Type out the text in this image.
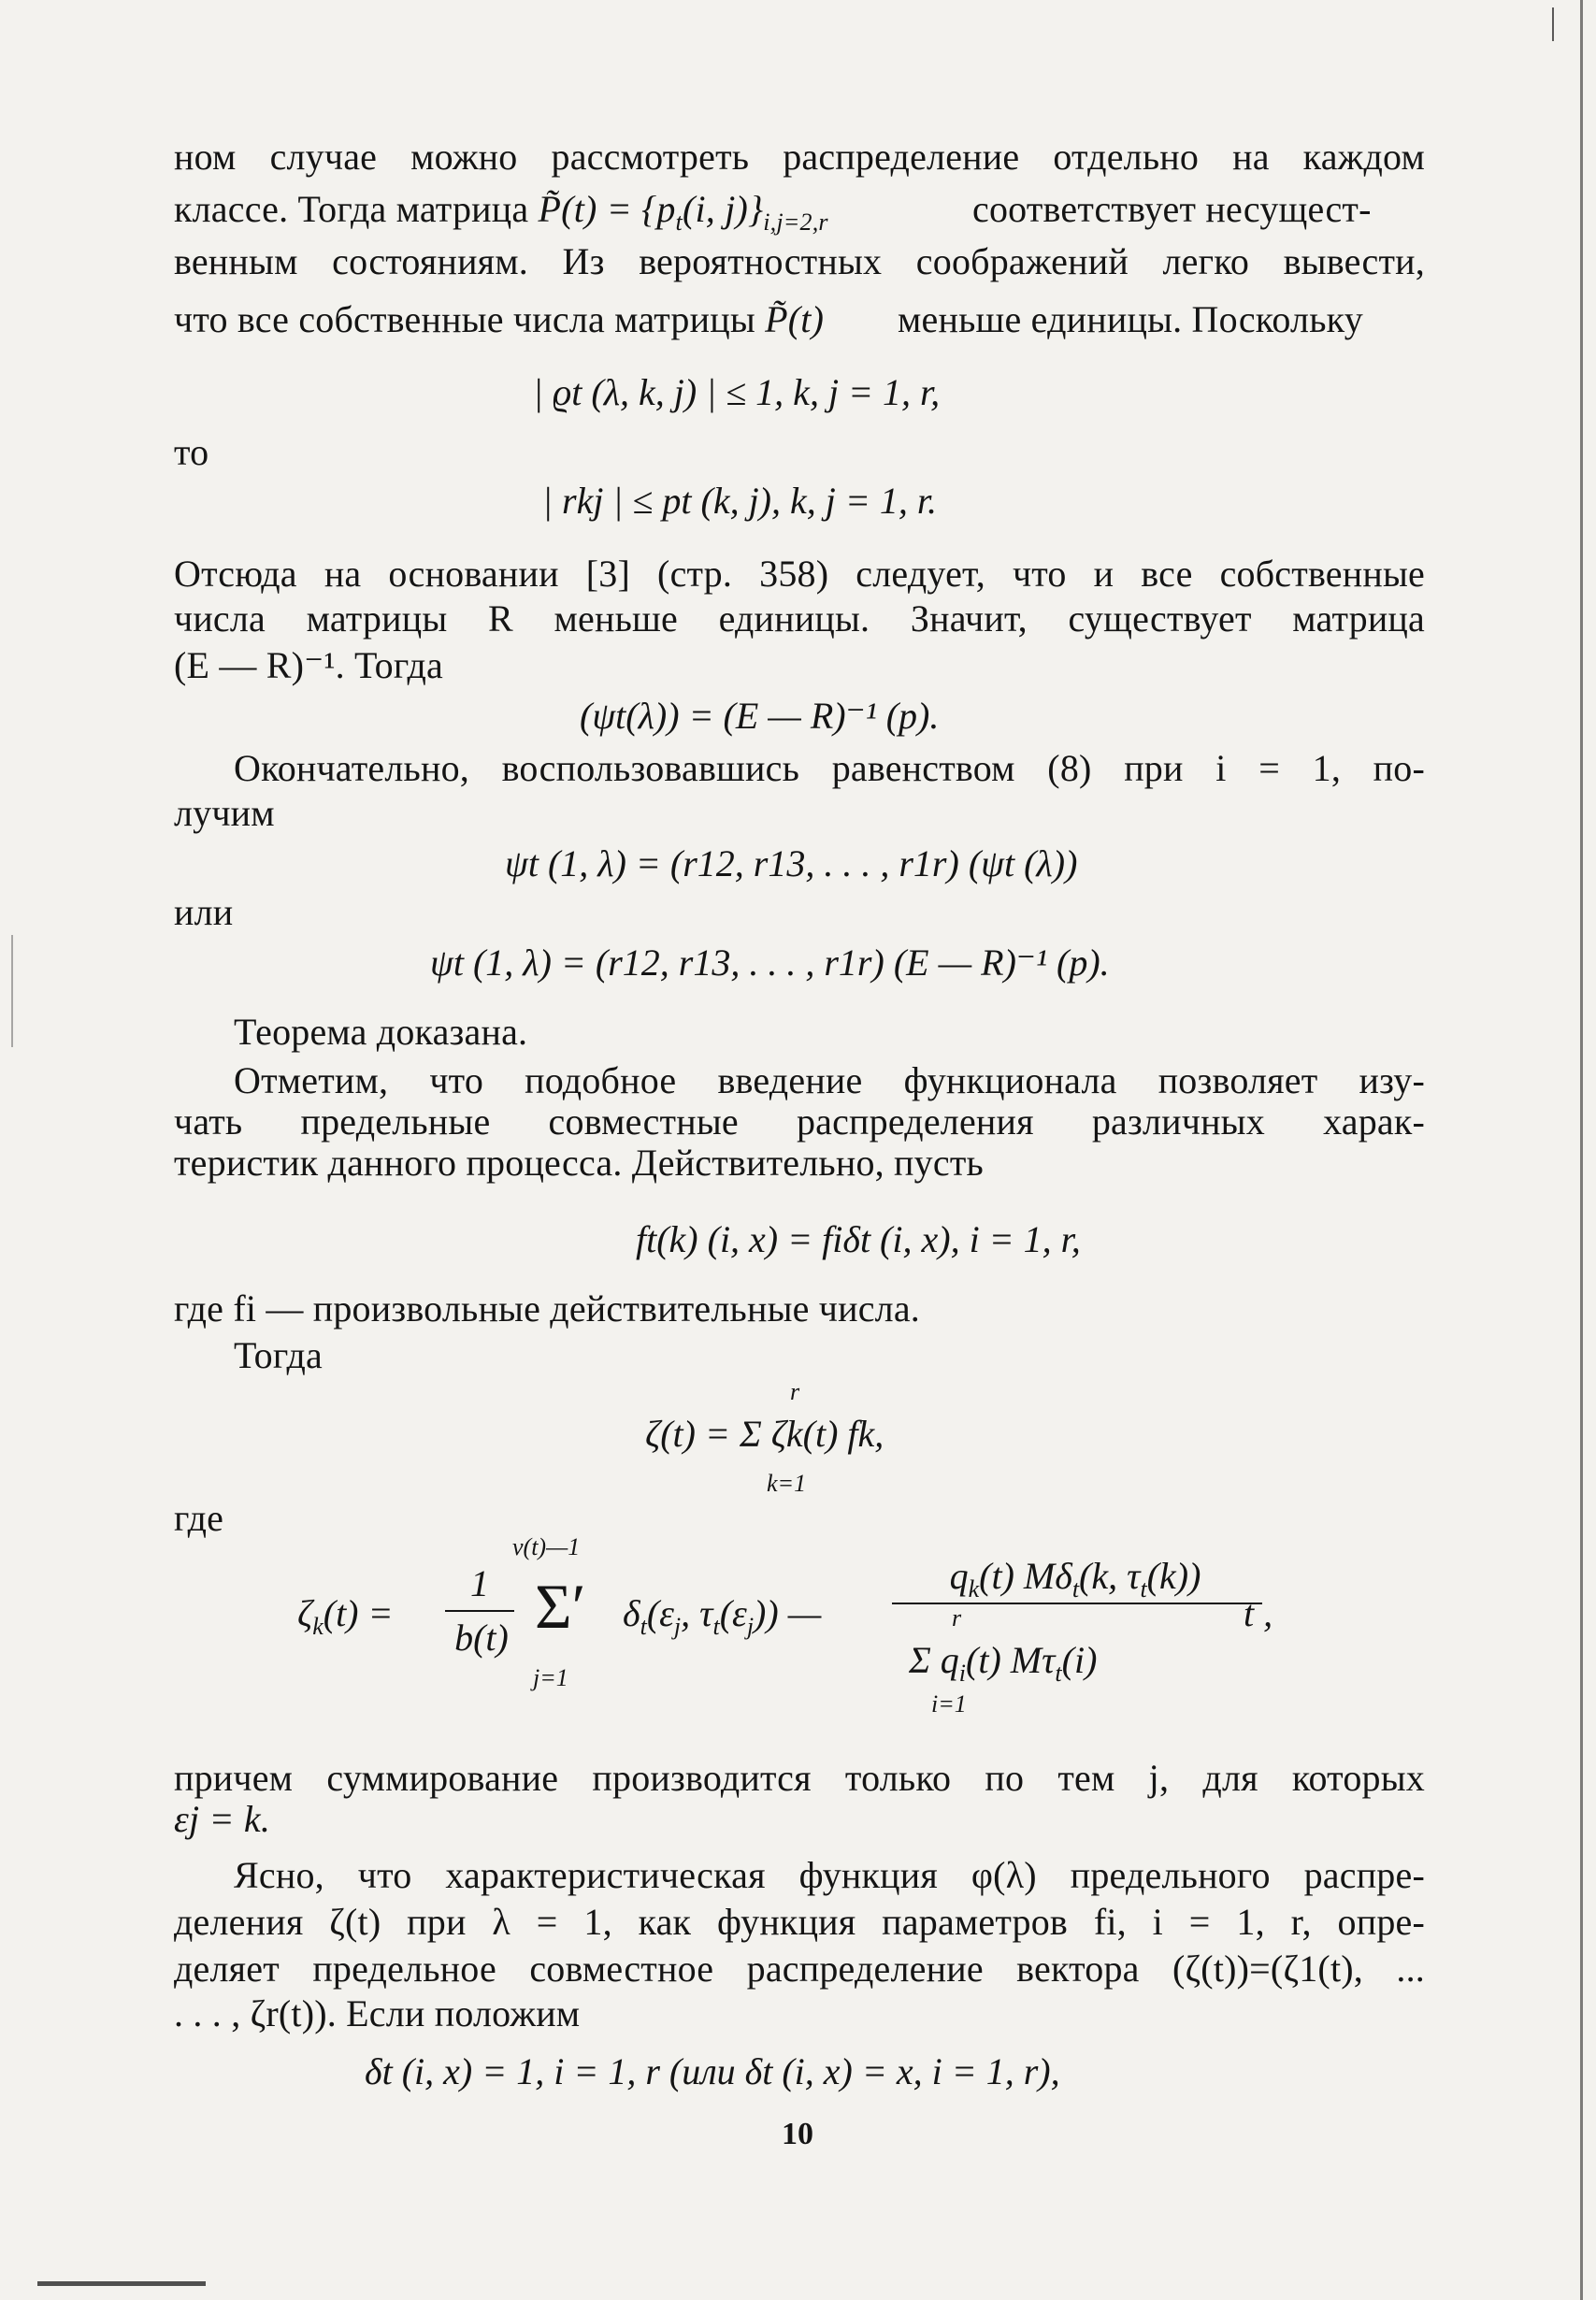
ном случае можно рассмотреть распределение отдельно на каждом
классе. Тогда матрица P̃(t) = {$p_t(i$, $j)\}_{i,j=2,r}$	соответствует несущест-
венным состояниям. Из вероятностных соображений легко вывести,
что все собственные числа матрицы P̃(t) меньше единицы. Поскольку
| ϱt (λ, k, j) | ≤ 1, k, j = 1, r,
то
| rkj | ≤ pt (k, j), k, j = 1, r.
Отсюда на основании [3] (стр. 358) следует, что и все собственные
числа матрицы R меньше единицы. Значит, существует матрица
(E — R)⁻¹. Тогда
(ψt(λ)) = (E — R)⁻¹ (p).
Окончательно, воспользовавшись равенством (8) при i = 1, по-
лучим
ψt (1, λ) = (r12, r13, . . . , r1r) (ψt (λ))
или
ψt (1, λ) = (r12, r13, . . . , r1r) (E — R)⁻¹ (p).
Теорема доказана.
Отметим, что подобное введение функционала позволяет изу-
чать предельные совместные распределения различных харак-
теристик данного процесса. Действительно, пусть
ft(k) (i, x) = fiδt (i, x), i = 1, r,
где fi — произвольные действительные числа.
Тогда
r
ζ(t) = Σ ζk(t) fk,
k=1
где
$\zeta_k(t)$ =
1
b(t)
ν(t)—1
Σ′
j=1
$\delta_t(\varepsilon_j$, $\tau_t(\varepsilon_j)$) —
$q_k(t)$ $M\delta_t(k$, $\tau_t(k)$)
r
Σ $q_i(t)$ $M\tau_t(i)$
i=1
t ,
причем суммирование производится только по тем j, для которых
εj = k.
Ясно, что характеристическая функция φ(λ) предельного распре-
деления ζ(t) при λ = 1, как функция параметров fi, i = 1, r, опре-
деляет предельное совместное распределение вектора (ζ(t))=(ζ1(t), ...
. . . , ζr(t)). Если положим
δt (i, x) = 1, i = 1, r (или δt (i, x) = x, i = 1, r),
10
